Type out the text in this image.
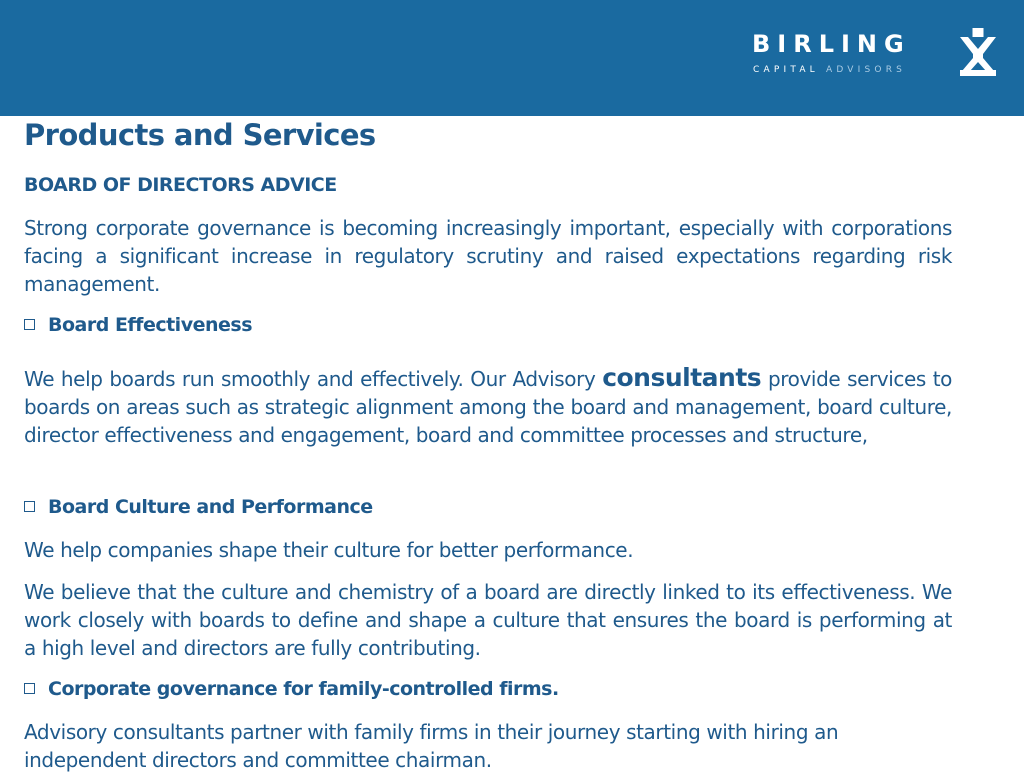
BIRLING
CAPITAL ADVISORS
Products and Services
BOARD OF DIRECTORS ADVICE

Strong corporate governance is becoming increasingly important, especially with corporations facing a significant increase in regulatory scrutiny and raised expectations regarding risk management.

Board Effectiveness

We help boards run smoothly and effectively. Our Advisory consultants provide services to boards on areas such as strategic alignment among the board and management, board culture, director effectiveness and engagement, board and committee processes and structure,

Board Culture and Performance

We help companies shape their culture for better performance.

We believe that the culture and chemistry of a board are directly linked to its effectiveness. We work closely with boards to define and shape a culture that ensures the board is performing at a high level and directors are fully contributing.

Corporate governance for family-controlled firms.

Advisory consultants partner with family firms in their journey starting with hiring an independent directors and committee chairman.
